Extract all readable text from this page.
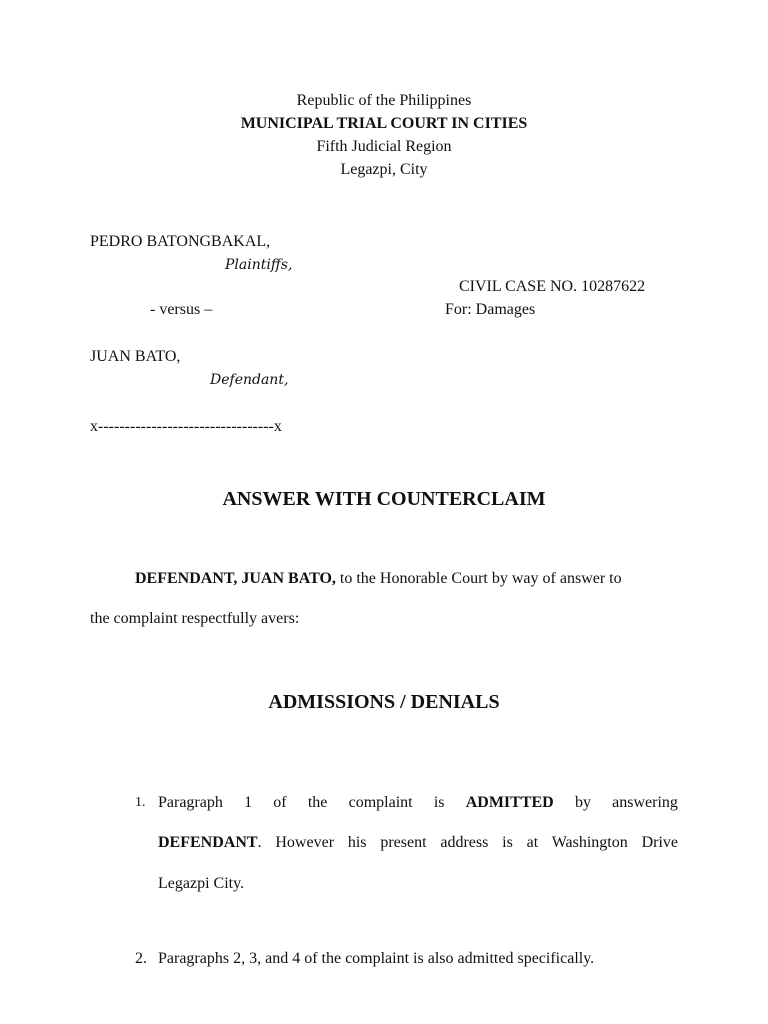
Republic of the Philippines
MUNICIPAL TRIAL COURT IN CITIES
Fifth Judicial Region
Legazpi, City
PEDRO BATONGBAKAL,
Plaintiffs,
CIVIL CASE NO. 10287622
- versus –	For: Damages
JUAN BATO,
Defendant,
x---------------------------------x
ANSWER WITH COUNTERCLAIM
DEFENDANT, JUAN BATO, to the Honorable Court by way of answer to
the complaint respectfully avers:
ADMISSIONS / DENIALS
1. Paragraph 1 of the complaint is ADMITTED by answering
DEFENDANT. However his present address is at Washington Drive
Legazpi City.
2. Paragraphs 2, 3, and 4 of the complaint is also admitted specifically.
